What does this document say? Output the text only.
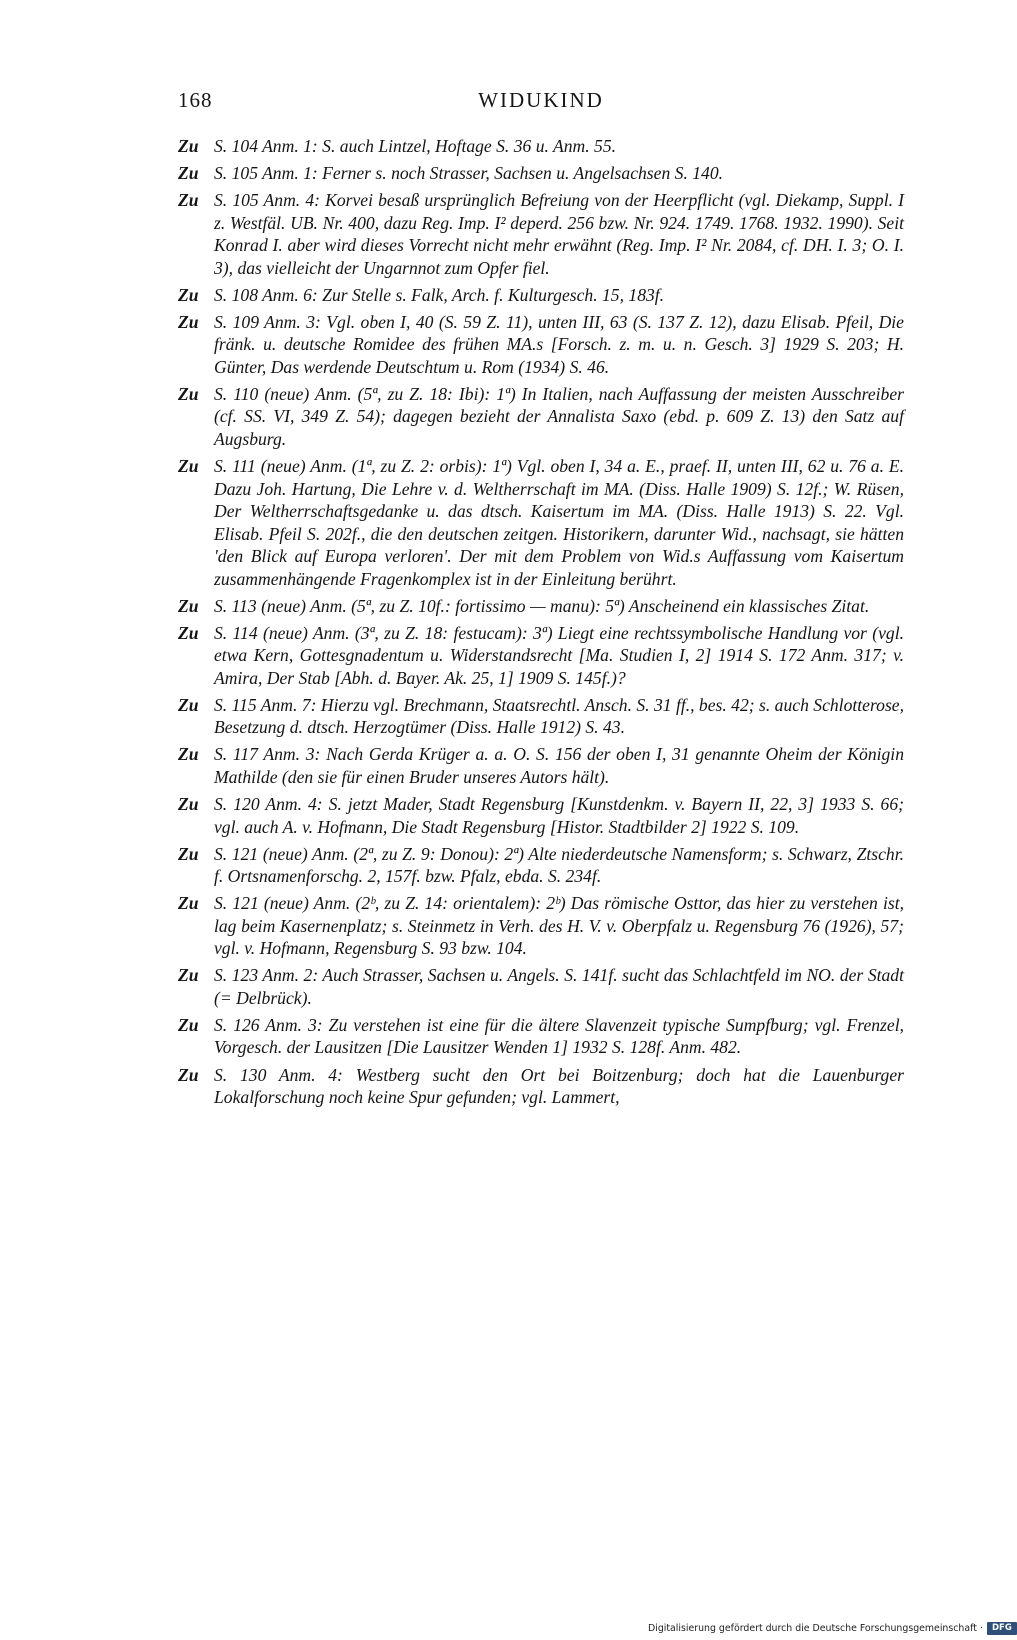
168	WIDUKIND

Zu S. 104 Anm. 1: S. auch Lintzel, Hoftage S. 36 u. Anm. 55.

Zu S. 105 Anm. 1: Ferner s. noch Strasser, Sachsen u. Angelsachsen S. 140.

Zu S. 105 Anm. 4: Korvei besaß ursprünglich Befreiung von der Heerpflicht (vgl. Diekamp, Suppl. I z. Westfäl. UB. Nr. 400, dazu Reg. Imp. I² deperd. 256 bzw. Nr. 924. 1749. 1768. 1932. 1990). Seit Konrad I. aber wird dieses Vorrecht nicht mehr erwähnt (Reg. Imp. I² Nr. 2084, cf. DH. I. 3; O. I. 3), das vielleicht der Ungarnnot zum Opfer fiel.

Zu S. 108 Anm. 6: Zur Stelle s. Falk, Arch. f. Kulturgesch. 15, 183f.

Zu S. 109 Anm. 3: Vgl. oben I, 40 (S. 59 Z. 11), unten III, 63 (S. 137 Z. 12), dazu Elisab. Pfeil, Die fränk. u. deutsche Romidee des frühen MA.s [Forsch. z. m. u. n. Gesch. 3] 1929 S. 203; H. Günter, Das werdende Deutschtum u. Rom (1934) S. 46.

Zu S. 110 (neue) Anm. (5ª, zu Z. 18: Ibi): 1ª) In Italien, nach Auffassung der meisten Ausschreiber (cf. SS. VI, 349 Z. 54); dagegen bezieht der Annalista Saxo (ebd. p. 609 Z. 13) den Satz auf Augsburg.

Zu S. 111 (neue) Anm. (1ª, zu Z. 2: orbis): 1ª) Vgl. oben I, 34 a. E., praef. II, unten III, 62 u. 76 a. E. Dazu Joh. Hartung, Die Lehre v. d. Weltherrschaft im MA. (Diss. Halle 1909) S. 12f.; W. Rüsen, Der Weltherrschaftsgedanke u. das dtsch. Kaisertum im MA. (Diss. Halle 1913) S. 22. Vgl. Elisab. Pfeil S. 202f., die den deutschen zeitgen. Historikern, darunter Wid., nachsagt, sie hätten 'den Blick auf Europa verloren'. Der mit dem Problem von Wid.s Auffassung vom Kaisertum zusammenhängende Fragenkomplex ist in der Einleitung berührt.

Zu S. 113 (neue) Anm. (5ª, zu Z. 10f.: fortissimo — manu): 5ª) Anscheinend ein klassisches Zitat.

Zu S. 114 (neue) Anm. (3ª, zu Z. 18: festucam): 3ª) Liegt eine rechtssymbolische Handlung vor (vgl. etwa Kern, Gottesgnadentum u. Widerstandsrecht [Ma. Studien I, 2] 1914 S. 172 Anm. 317; v. Amira, Der Stab [Abh. d. Bayer. Ak. 25, 1] 1909 S. 145f.)?

Zu S. 115 Anm. 7: Hierzu vgl. Brechmann, Staatsrechtl. Ansch. S. 31 ff., bes. 42; s. auch Schlotterose, Besetzung d. dtsch. Herzogtümer (Diss. Halle 1912) S. 43.

Zu S. 117 Anm. 3: Nach Gerda Krüger a. a. O. S. 156 der oben I, 31 genannte Oheim der Königin Mathilde (den sie für einen Bruder unseres Autors hält).

Zu S. 120 Anm. 4: S. jetzt Mader, Stadt Regensburg [Kunstdenkm. v. Bayern II, 22, 3] 1933 S. 66; vgl. auch A. v. Hofmann, Die Stadt Regensburg [Histor. Stadtbilder 2] 1922 S. 109.

Zu S. 121 (neue) Anm. (2ª, zu Z. 9: Donou): 2ª) Alte niederdeutsche Namensform; s. Schwarz, Ztschr. f. Ortsnamenforschg. 2, 157f. bzw. Pfalz, ebda. S. 234f.

Zu S. 121 (neue) Anm. (2ᵇ, zu Z. 14: orientalem): 2ᵇ) Das römische Osttor, das hier zu verstehen ist, lag beim Kasernenplatz; s. Steinmetz in Verh. des H. V. v. Oberpfalz u. Regensburg 76 (1926), 57; vgl. v. Hofmann, Regensburg S. 93 bzw. 104.

Zu S. 123 Anm. 2: Auch Strasser, Sachsen u. Angels. S. 141f. sucht das Schlachtfeld im NO. der Stadt (= Delbrück).

Zu S. 126 Anm. 3: Zu verstehen ist eine für die ältere Slavenzeit typische Sumpfburg; vgl. Frenzel, Vorgesch. der Lausitzen [Die Lausitzer Wenden 1] 1932 S. 128f. Anm. 482.

Zu S. 130 Anm. 4: Westberg sucht den Ort bei Boitzenburg; doch hat die Lauenburger Lokalforschung noch keine Spur gefunden; vgl. Lammert,

Digitalisierung gefördert durch die Deutsche Forschungsgemeinschaft ·	DFG
